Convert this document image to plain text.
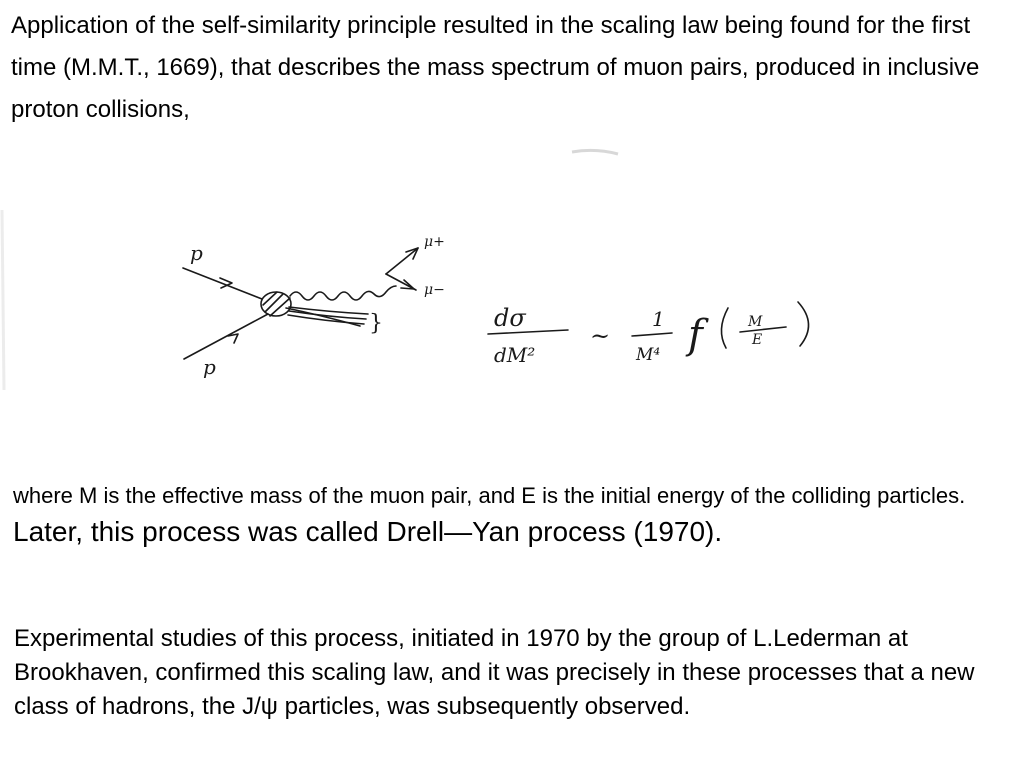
Application of the self-similarity principle resulted in the scaling law being found for the first time (M.M.T., 1669), that describes the mass spectrum of muon pairs, produced in inclusive proton collisions,

p
p
μ+
μ−
}	dσ
dM²
~
1
M⁴ f	M
E

where M is the effective mass of the muon pair, and E is the initial energy of the colliding particles. Later, this process was called Drell—Yan process (1970).

Experimental studies of this process, initiated in 1970 by the group of L.Lederman at Brookhaven, confirmed this scaling law, and it was precisely in these processes that a new class of hadrons, the J/ψ particles, was subsequently observed.
